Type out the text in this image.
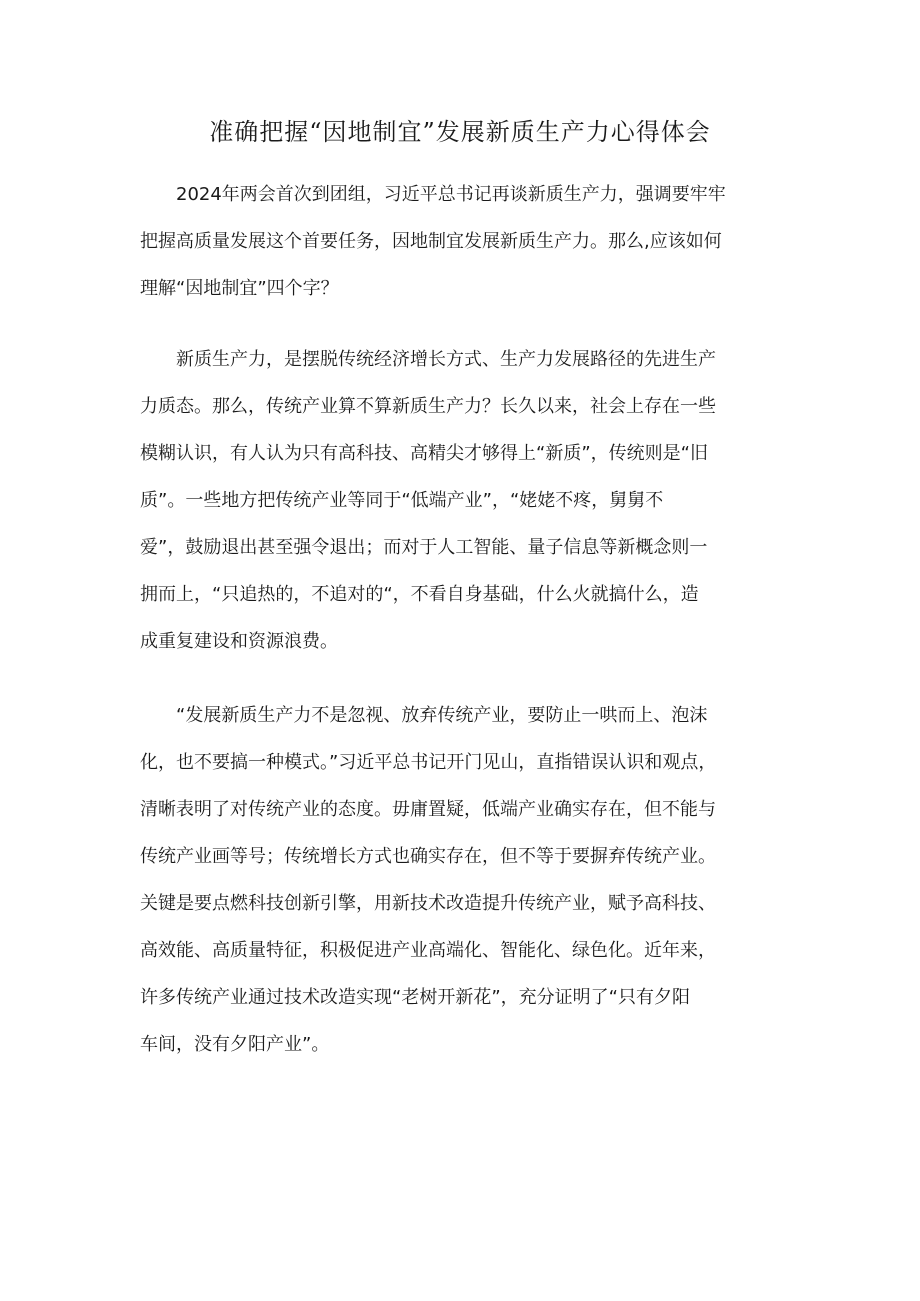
准确把握“因地制宜”发展新质生产力心得体会
2024年两会首次到团组，习近平总书记再谈新质生产力，强调要牢牢
把握高质量发展这个首要任务，因地制宜发展新质生产力。那么,应该如何
理解“因地制宜”四个字？
新质生产力，是摆脱传统经济增长方式、生产力发展路径的先进生产
力质态。那么，传统产业算不算新质生产力？长久以来，社会上存在一些
模糊认识，有人认为只有高科技、高精尖才够得上“新质”，传统则是“旧
质”。一些地方把传统产业等同于“低端产业”，“姥姥不疼，舅舅不
爱”，鼓励退出甚至强令退出；而对于人工智能、量子信息等新概念则一
拥而上，“只追热的，不追对的“，不看自身基础，什么火就搞什么，造
成重复建设和资源浪费。
“发展新质生产力不是忽视、放弃传统产业，要防止一哄而上、泡沫
化，也不要搞一种模式。”习近平总书记开门见山，直指错误认识和观点，
清晰表明了对传统产业的态度。毋庸置疑，低端产业确实存在，但不能与
传统产业画等号；传统增长方式也确实存在，但不等于要摒弃传统产业。
关键是要点燃科技创新引擎，用新技术改造提升传统产业，赋予高科技、
高效能、高质量特征，积极促进产业高端化、智能化、绿色化。近年来，
许多传统产业通过技术改造实现“老树开新花”，充分证明了“只有夕阳
车间，没有夕阳产业”。
